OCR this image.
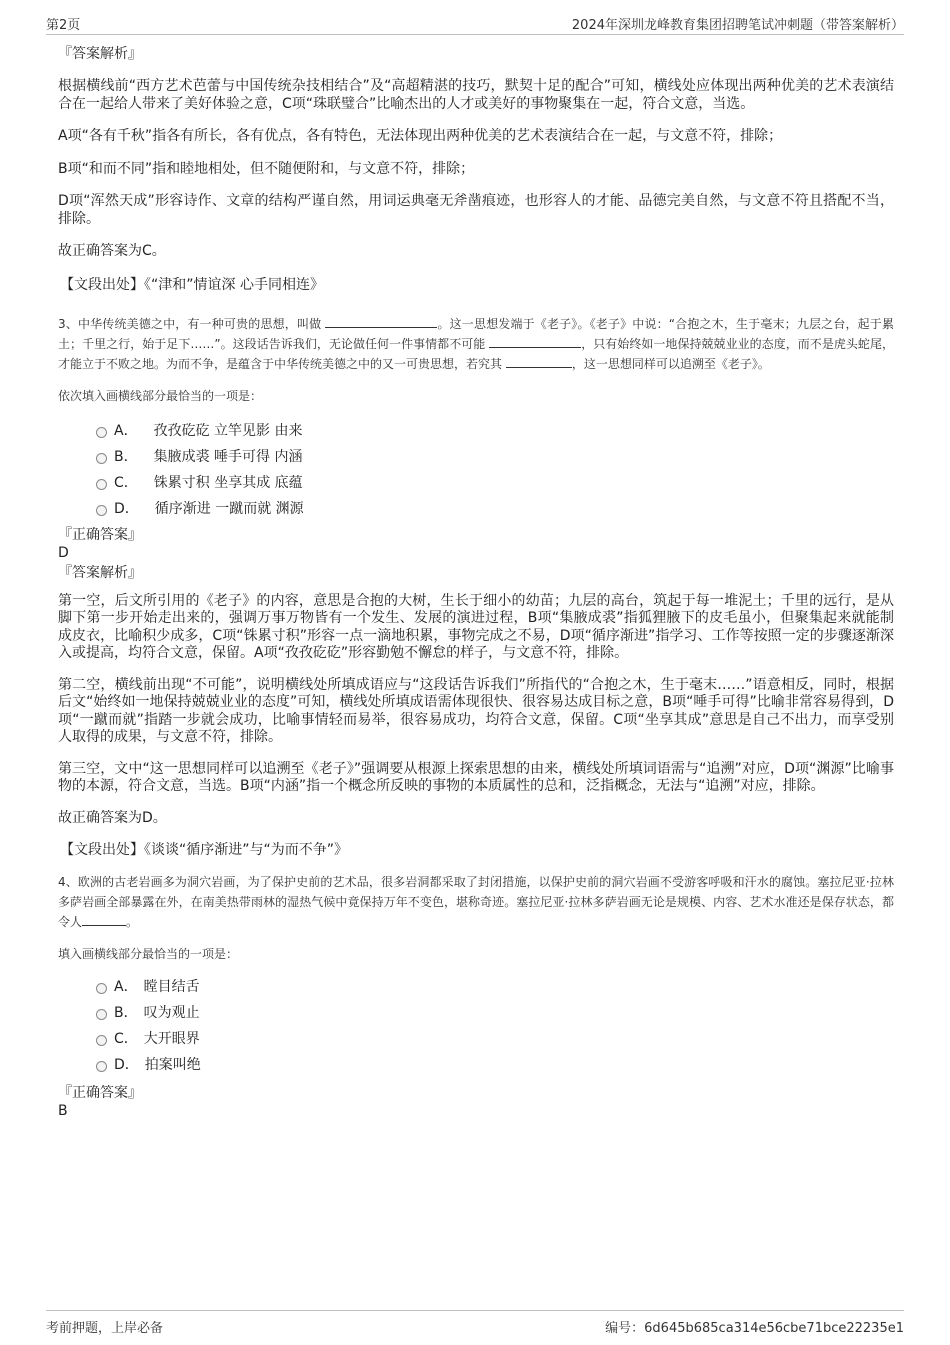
第2页	2024年深圳龙峰教育集团招聘笔试冲刺题（带答案解析）

『答案解析』

根据横线前“西方艺术芭蕾与中国传统杂技相结合”及“高超精湛的技巧，默契十足的配合”可知，横线处应体现出两种优美的艺术表演结合在一起给人带来了美好体验之意，C项“珠联璧合”比喻杰出的人才或美好的事物聚集在一起，符合文意，当选。

A项“各有千秋”指各有所长，各有优点，各有特色，无法体现出两种优美的艺术表演结合在一起，与文意不符，排除；

B项“和而不同”指和睦地相处，但不随便附和，与文意不符，排除；

D项“浑然天成”形容诗作、文章的结构严谨自然，用词运典毫无斧凿痕迹，也形容人的才能、品德完美自然，与文意不符且搭配不当，排除。

故正确答案为C。

【文段出处】《“津和”情谊深 心手同相连》

3、中华传统美德之中，有一种可贵的思想，叫做	。这一思想发端于《老子》。《老子》中说：“合抱之木，生于毫末；九层之台，起于累土；千里之行，始于足下……”。这段话告诉我们，无论做任何一件事情都不可能	，只有始终如一地保持兢兢业业的态度，而不是虎头蛇尾，才能立于不败之地。为而不争，是蕴含于中华传统美德之中的又一可贵思想，若究其	，这一思想同样可以追溯至《老子》。

依次填入画横线部分最恰当的一项是：

A． 孜孜矻矻 立竿见影 由来
B． 集腋成裘 唾手可得 内涵
C． 铢累寸积 坐享其成 底蕴
D． 循序渐进 一蹴而就 渊源

『正确答案』

D

『答案解析』

第一空，后文所引用的《老子》的内容，意思是合抱的大树，生长于细小的幼苗；九层的高台，筑起于每一堆泥土；千里的远行，是从脚下第一步开始走出来的，强调万事万物皆有一个发生、发展的演进过程，B项“集腋成裘”指狐狸腋下的皮毛虽小，但聚集起来就能制成皮衣，比喻积少成多，C项“铢累寸积”形容一点一滴地积累，事物完成之不易，D项“循序渐进”指学习、工作等按照一定的步骤逐渐深入或提高，均符合文意，保留。A项“孜孜矻矻”形容勤勉不懈怠的样子，与文意不符，排除。

第二空，横线前出现“不可能”，说明横线处所填成语应与“这段话告诉我们”所指代的“合抱之木，生于毫末……”语意相反，同时，根据后文“始终如一地保持兢兢业业的态度”可知，横线处所填成语需体现很快、很容易达成目标之意，B项“唾手可得”比喻非常容易得到，D项“一蹴而就”指踏一步就会成功，比喻事情轻而易举，很容易成功，均符合文意，保留。C项“坐享其成”意思是自己不出力，而享受别人取得的成果，与文意不符，排除。

第三空，文中“这一思想同样可以追溯至《老子》”强调要从根源上探索思想的由来，横线处所填词语需与“追溯”对应，D项“渊源”比喻事物的本源，符合文意，当选。B项“内涵”指一个概念所反映的事物的本质属性的总和，泛指概念，无法与“追溯”对应，排除。

故正确答案为D。

【文段出处】《谈谈“循序渐进”与“为而不争”》

4、欧洲的古老岩画多为洞穴岩画，为了保护史前的艺术品，很多岩洞都采取了封闭措施，以保护史前的洞穴岩画不受游客呼吸和汗水的腐蚀。塞拉尼亚·拉林多萨岩画全部暴露在外，在南美热带雨林的湿热气候中竟保持万年不变色，堪称奇迹。塞拉尼亚·拉林多萨岩画无论是规模、内容、艺术水准还是保存状态，都令人	。

填入画横线部分最恰当的一项是：

A． 瞠目结舌
B． 叹为观止
C． 大开眼界
D． 拍案叫绝

『正确答案』

B

考前押题，上岸必备	编号：6d645b685ca314e56cbe71bce22235e1
